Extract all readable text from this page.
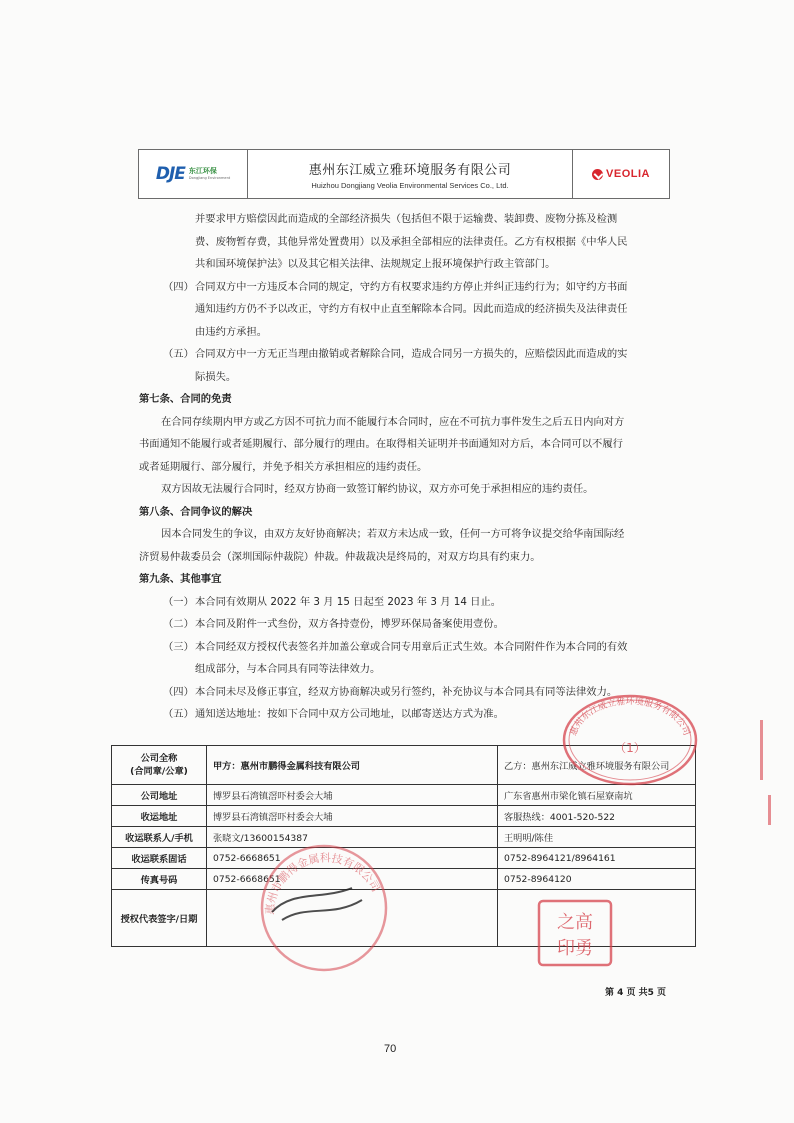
DJE 东江环保
Dongjiang Environment
惠州东江威立雅环境服务有限公司
Huizhou Dongjiang Veolia Environmental Services Co., Ltd.
VEOLIA

并要求甲方赔偿因此而造成的全部经济损失（包括但不限于运输费、装卸费、废物分拣及检测
费、废物暂存费，其他异常处置费用）以及承担全部相应的法律责任。乙方有权根据《中华人民
共和国环境保护法》以及其它相关法律、法规规定上报环境保护行政主管部门。

（四） 合同双方中一方违反本合同的规定，守约方有权要求违约方停止并纠正违约行为；如守约方书面
通知违约方仍不予以改正，守约方有权中止直至解除本合同。因此而造成的经济损失及法律责任
由违约方承担。

（五） 合同双方中一方无正当理由撤销或者解除合同，造成合同另一方损失的，应赔偿因此而造成的实
际损失。

第七条、合同的免责

在合同存续期内甲方或乙方因不可抗力而不能履行本合同时，应在不可抗力事件发生之后五日内向对方
书面通知不能履行或者延期履行、部分履行的理由。在取得相关证明并书面通知对方后，本合同可以不履行
或者延期履行、部分履行，并免予相关方承担相应的违约责任。

双方因故无法履行合同时，经双方协商一致签订解约协议，双方亦可免于承担相应的违约责任。

第八条、合同争议的解决

因本合同发生的争议，由双方友好协商解决；若双方未达成一致，任何一方可将争议提交给华南国际经
济贸易仲裁委员会（深圳国际仲裁院）仲裁。仲裁裁决是终局的，对双方均具有约束力。

第九条、其他事宜

（一） 本合同有效期从 2022 年 3 月 15 日起至 2023 年 3 月 14 日止。

（二） 本合同及附件一式叁份，双方各持壹份，博罗环保局备案使用壹份。

（三） 本合同经双方授权代表签名并加盖公章或合同专用章后正式生效。本合同附件作为本合同的有效
组成部分，与本合同具有同等法律效力。

（四） 本合同未尽及修正事宜，经双方协商解决或另行签约，补充协议与本合同具有同等法律效力。

（五） 通知送达地址：按如下合同中双方公司地址，以邮寄送达方式为准。

公司全称
(合同章/公章)	甲方：惠州市鹏得金属科技有限公司	乙方：惠州东江威立雅环境服务有限公司
公司地址	博罗县石湾镇滘吓村委会大埔	广东省惠州市梁化镇石屋寮南坑
收运地址	博罗县石湾镇滘吓村委会大埔	客服热线：4001-520-522
收运联系人/手机	张晓文/13600154387	王明明/陈佳
收运联系固话	0752-6668651	0752-8964121/8964161
传真号码	0752-6668651	0752-8964120
授权代表签字/日期		
惠州东江威立雅环境服务有限公司
（1）
惠州市鹏得金属科技有限公司
之高
印勇
第 4 页 共5 页
70
